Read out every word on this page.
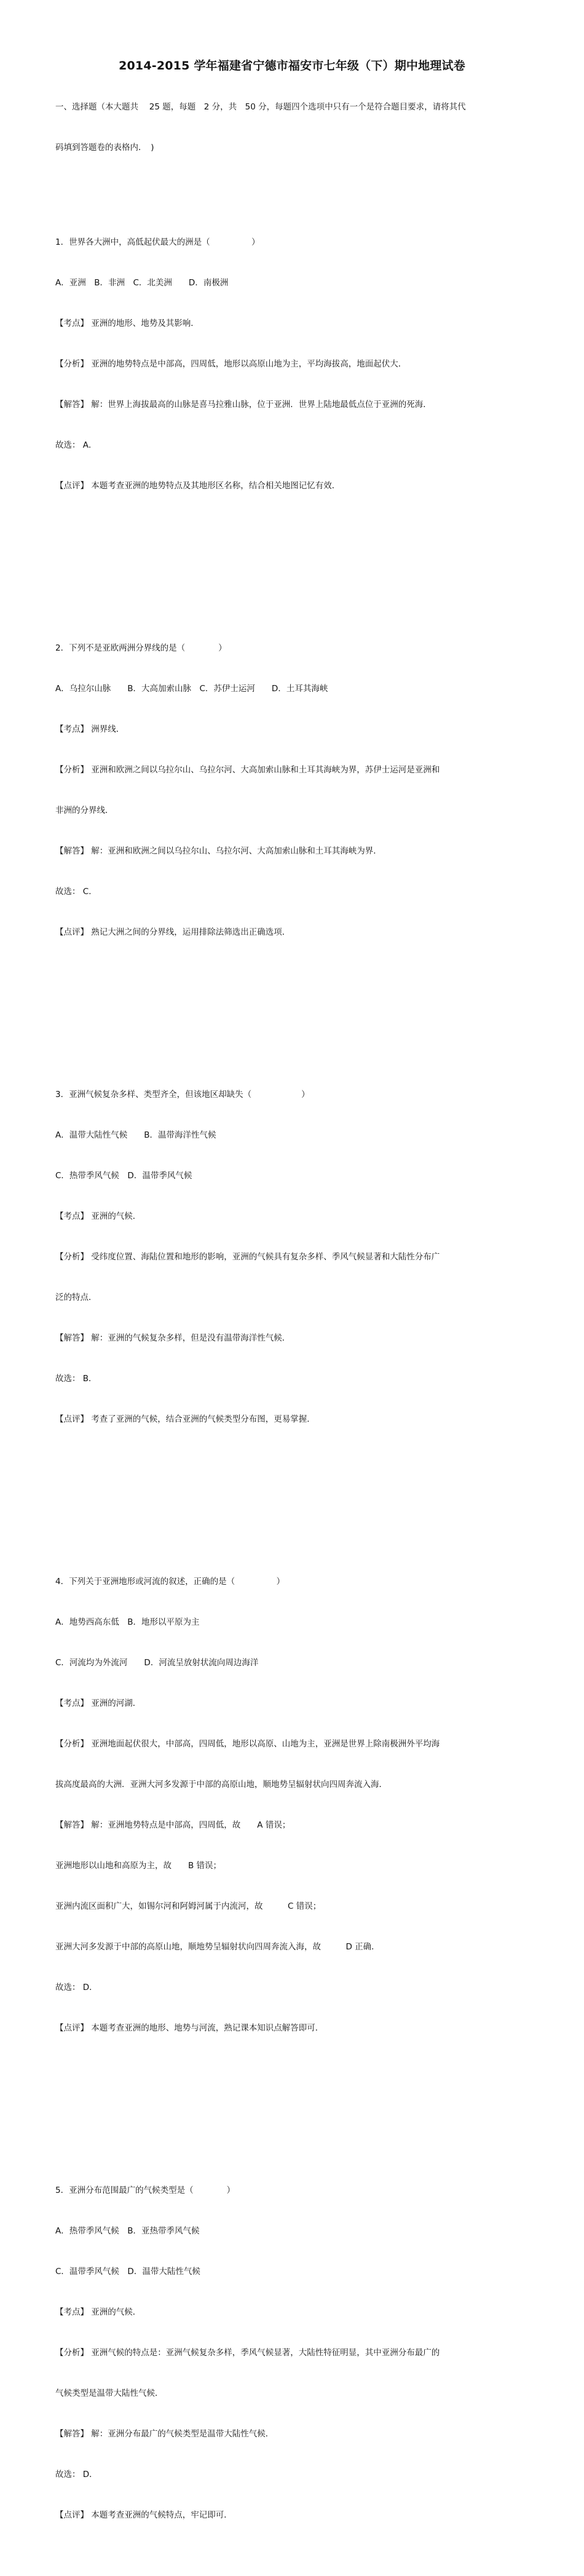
2014-2015 学年福建省宁德市福安市七年级（下）期中地理试卷

一、选择题（本大题共　 25 题，每题　2 分，共　50 分，每题四个选项中只有一个是符合题目要求，请将其代

码填到答题卷的表格内．　)

1．世界各大洲中，高低起伏最大的洲是（　　　　　）

A．亚洲　B．非洲　C．北美洲　　D．南极洲

【考点】 亚洲的地形、地势及其影响．

【分析】 亚洲的地势特点是中部高，四周低，地形以高原山地为主，平均海拔高，地面起伏大．

【解答】 解：世界上海拔最高的山脉是喜马拉雅山脉，位于亚洲．世界上陆地最低点位于亚洲的死海．

故选： A．

【点评】 本题考查亚洲的地势特点及其地形区名称，结合相关地图记忆有效．

2．下列不是亚欧两洲分界线的是（　　　　）

A．乌拉尔山脉　　B．大高加索山脉　C．苏伊士运河　　D．土耳其海峡

【考点】 洲界线．

【分析】 亚洲和欧洲之间以乌拉尔山、乌拉尔河、大高加索山脉和土耳其海峡为界，苏伊士运河是亚洲和

非洲的分界线．

【解答】 解：亚洲和欧洲之间以乌拉尔山、乌拉尔河、大高加索山脉和土耳其海峡为界．

故选： C．

【点评】 熟记大洲之间的分界线，运用排除法筛选出正确选项．

3．亚洲气候复杂多样、类型齐全，但该地区却缺失（　　　　　　）

A．温带大陆性气候　　B．温带海洋性气候

C．热带季风气候　D．温带季风气候

【考点】 亚洲的气候．

【分析】 受纬度位置、海陆位置和地形的影响，亚洲的气候具有复杂多样、季风气候显著和大陆性分布广

泛的特点．

【解答】 解：亚洲的气候复杂多样，但是没有温带海洋性气候．

故选： B．

【点评】 考查了亚洲的气候，结合亚洲的气候类型分布图，更易掌握．

4．下列关于亚洲地形或河流的叙述，正确的是（　　　　　）

A．地势西高东低　B．地形以平原为主

C．河流均为外流河　　D．河流呈放射状流向周边海洋

【考点】 亚洲的河湖．

【分析】 亚洲地面起伏很大，中部高，四周低，地形以高原、山地为主，亚洲是世界上除南极洲外平均海

拔高度最高的大洲．亚洲大河多发源于中部的高原山地，顺地势呈辐射状向四周奔流入海．

【解答】 解：亚洲地势特点是中部高，四周低，故　　A 错误；

亚洲地形以山地和高原为主，故　　B 错误；

亚洲内流区面积广大，如锡尔河和阿姆河属于内流河，故　　　C 错误；

亚洲大河多发源于中部的高原山地，顺地势呈辐射状向四周奔流入海，故　　　D 正确．

故选： D．

【点评】 本题考查亚洲的地形、地势与河流，熟记课本知识点解答即可．

5．亚洲分布范围最广的气候类型是（　　　　）

A．热带季风气候　B．亚热带季风气候

C．温带季风气候　D．温带大陆性气候

【考点】 亚洲的气候．

【分析】 亚洲气候的特点是：亚洲气候复杂多样，季风气候显著，大陆性特征明显，其中亚洲分布最广的

气候类型是温带大陆性气候．

【解答】 解：亚洲分布最广的气候类型是温带大陆性气候．

故选： D．

【点评】 本题考查亚洲的气候特点，牢记即可．
